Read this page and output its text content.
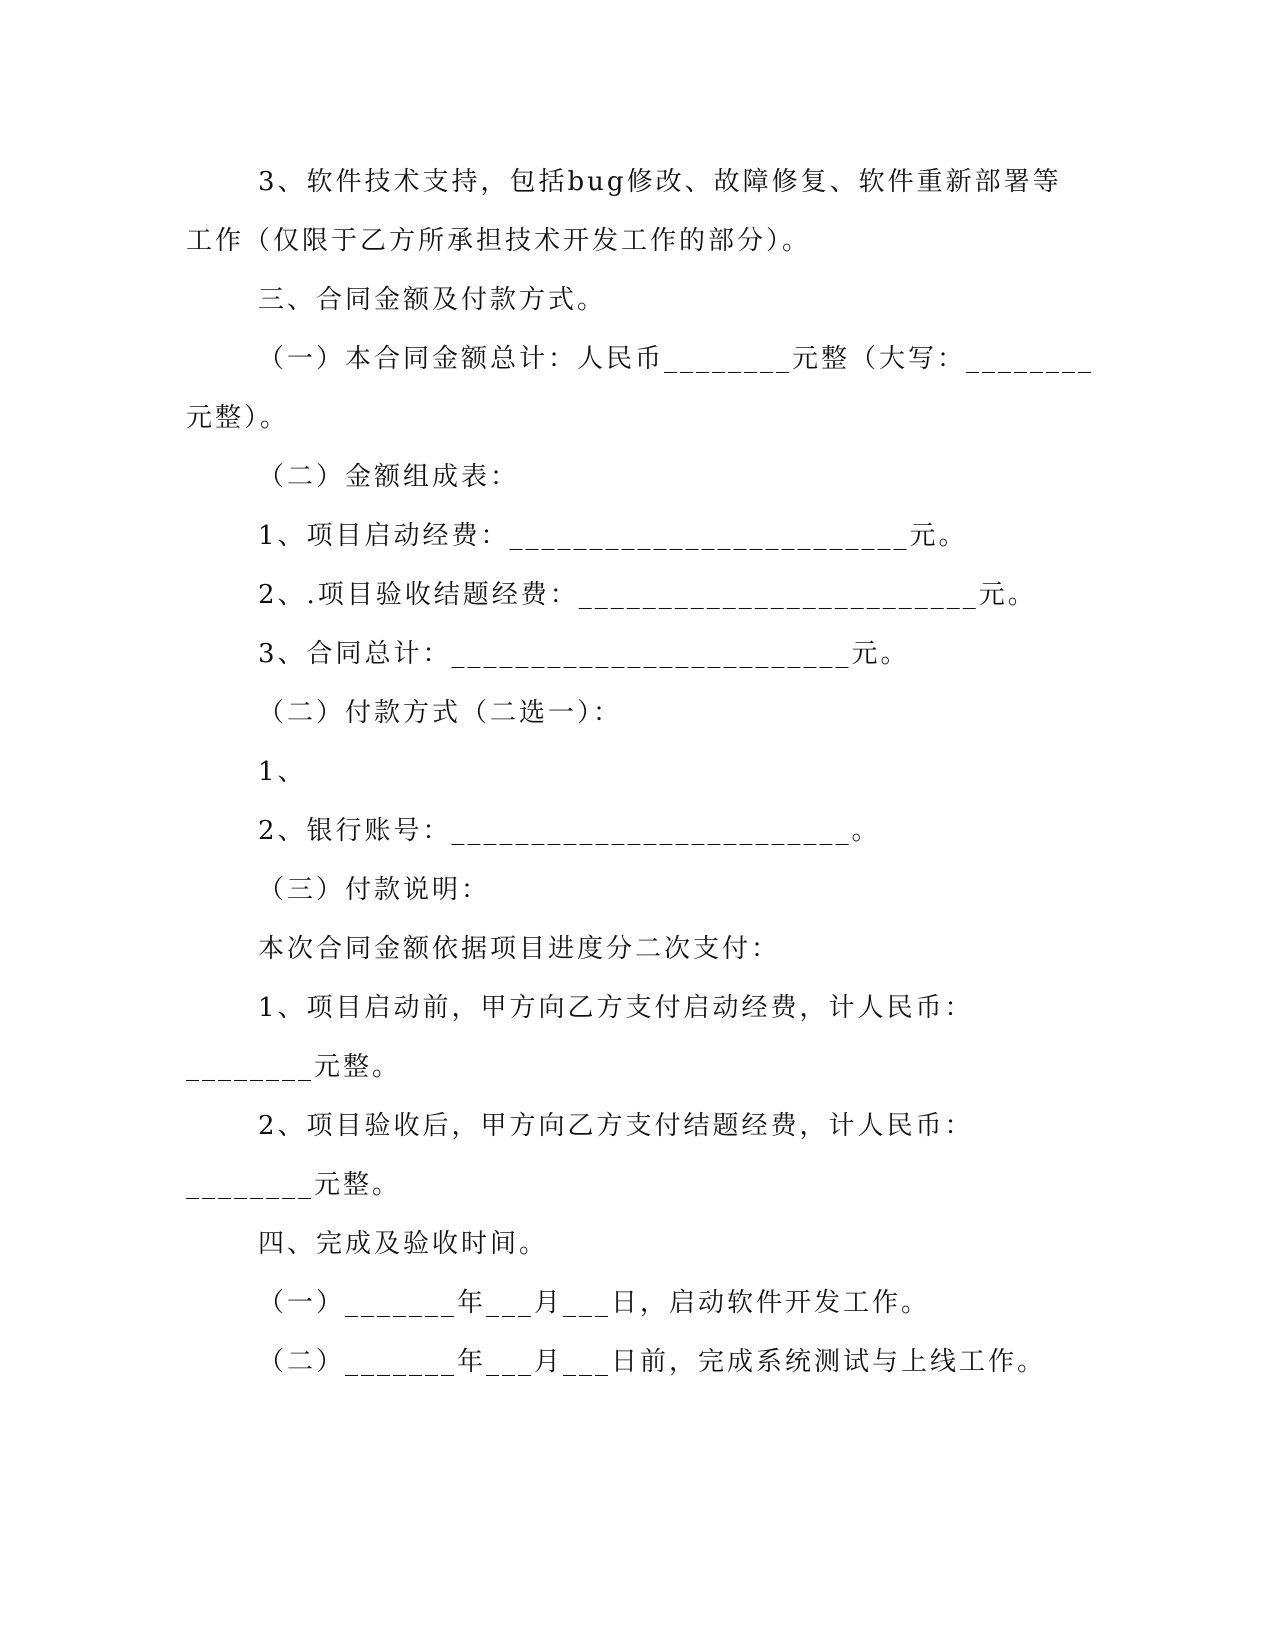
3、软件技术支持，包括bug修改、故障修复、软件重新部署等
工作（仅限于乙方所承担技术开发工作的部分）。
三、合同金额及付款方式。
（一）本合同金额总计：人民币________元整（大写：________
元整）。
（二）金额组成表：
1、项目启动经费：_________________________元。
2、.项目验收结题经费：_________________________元。
3、合同总计：_________________________元。
（二）付款方式（二选一）：
1、
2、银行账号：_________________________。
（三）付款说明：
本次合同金额依据项目进度分二次支付：
1、项目启动前，甲方向乙方支付启动经费，计人民币：
________元整。
2、项目验收后，甲方向乙方支付结题经费，计人民币：
________元整。
四、完成及验收时间。
（一）_______年___月___日，启动软件开发工作。
（二）_______年___月___日前，完成系统测试与上线工作。
